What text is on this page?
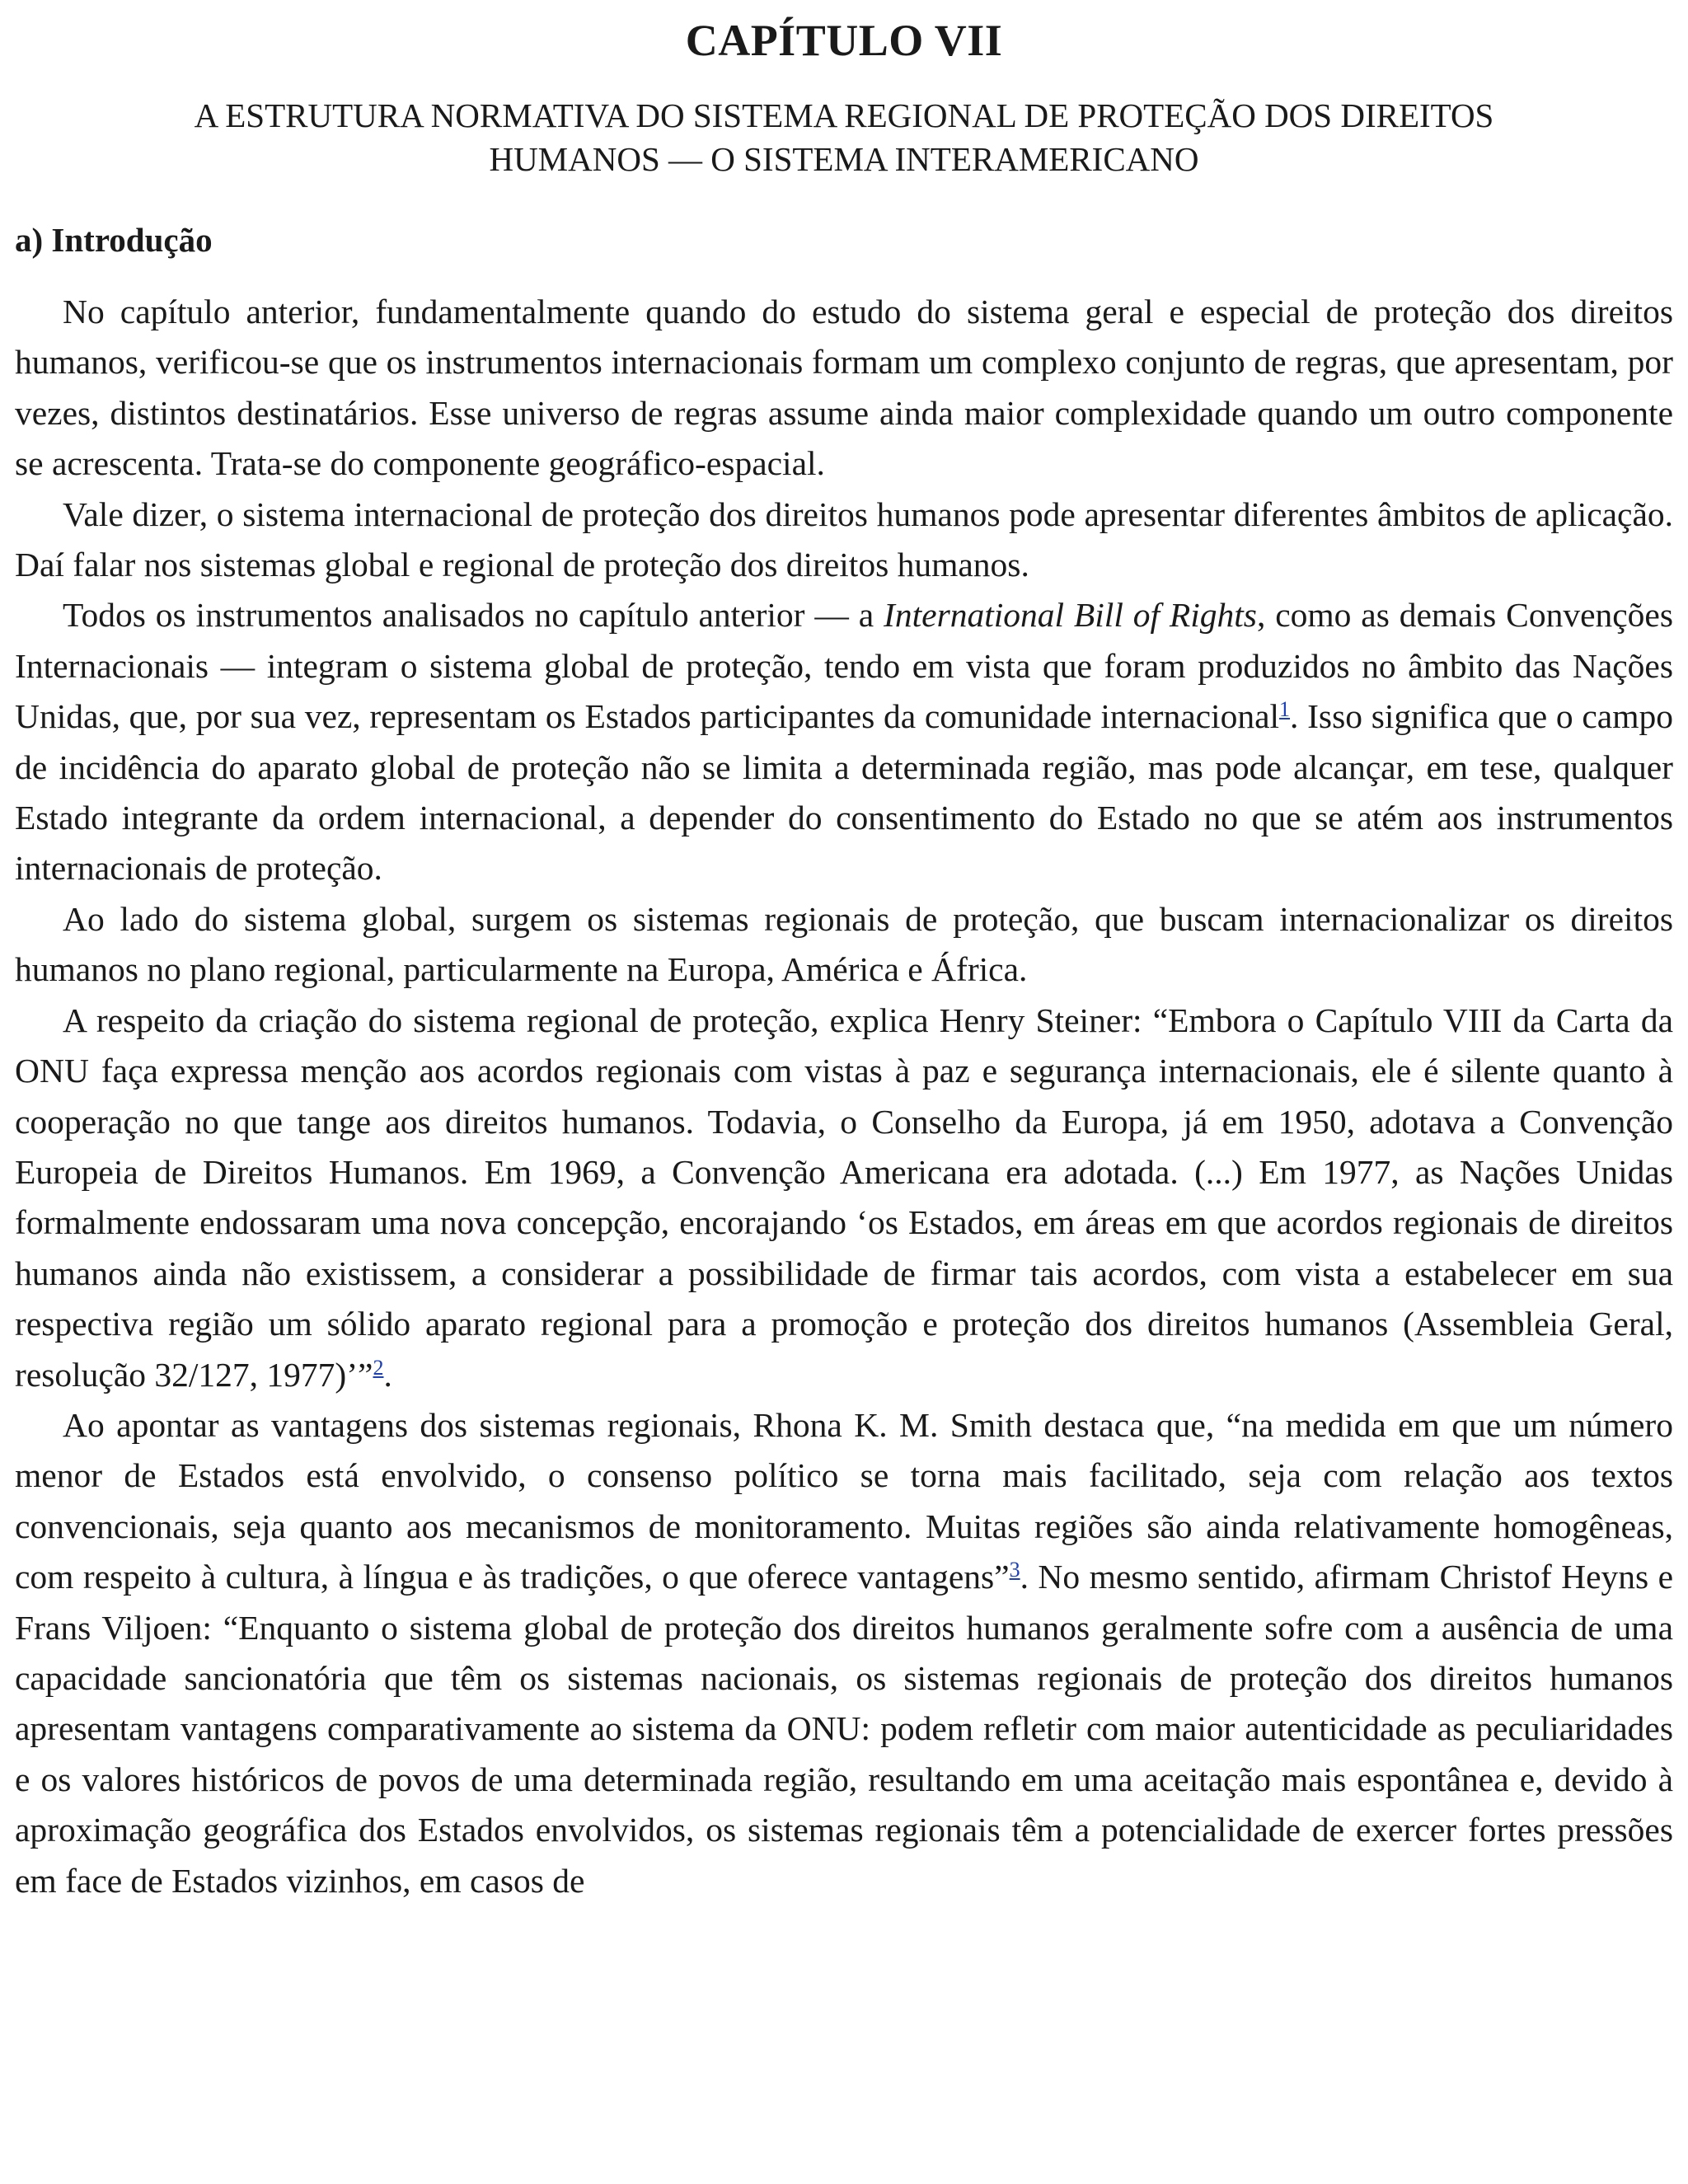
CAPÍTULO VII
A ESTRUTURA NORMATIVA DO SISTEMA REGIONAL DE PROTEÇÃO DOS DIREITOS
HUMANOS — O SISTEMA INTERAMERICANO
a) Introdução

No capítulo anterior, fundamentalmente quando do estudo do sistema geral e especial de proteção dos direitos humanos, verificou-se que os instrumentos internacionais formam um complexo conjunto de regras, que apresentam, por vezes, distintos destinatários. Esse universo de regras assume ainda maior complexidade quando um outro componente se acrescenta. Trata-se do componente geográfico-espacial.

Vale dizer, o sistema internacional de proteção dos direitos humanos pode apresentar diferentes âmbitos de aplicação. Daí falar nos sistemas global e regional de proteção dos direitos humanos.

Todos os instrumentos analisados no capítulo anterior — a International Bill of Rights, como as demais Convenções Internacionais — integram o sistema global de proteção, tendo em vista que foram produzidos no âmbito das Nações Unidas, que, por sua vez, representam os Estados participantes da comunidade internacional$^1$. Isso significa que o campo de incidência do aparato global de proteção não se limita a determinada região, mas pode alcançar, em tese, qualquer Estado integrante da ordem internacional, a depender do consentimento do Estado no que se atém aos instrumentos internacionais de proteção.

Ao lado do sistema global, surgem os sistemas regionais de proteção, que buscam internacionalizar os direitos humanos no plano regional, particularmente na Europa, América e África.

A respeito da criação do sistema regional de proteção, explica Henry Steiner: “Embora o Capítulo VIII da Carta da ONU faça expressa menção aos acordos regionais com vistas à paz e segurança internacionais, ele é silente quanto à cooperação no que tange aos direitos humanos. Todavia, o Conselho da Europa, já em 1950, adotava a Convenção Europeia de Direitos Humanos. Em 1969, a Convenção Americana era adotada. (...) Em 1977, as Nações Unidas formalmente endossaram uma nova concepção, encorajando ‘os Estados, em áreas em que acordos regionais de direitos humanos ainda não existissem, a considerar a possibilidade de firmar tais acordos, com vista a estabelecer em sua respectiva região um sólido aparato regional para a promoção e proteção dos direitos humanos (Assembleia Geral, resolução 32/127, 1977)’”$^2$.

Ao apontar as vantagens dos sistemas regionais, Rhona K. M. Smith destaca que, “na medida em que um número menor de Estados está envolvido, o consenso político se torna mais facilitado, seja com relação aos textos convencionais, seja quanto aos mecanismos de monitoramento. Muitas regiões são ainda relativamente homogêneas, com respeito à cultura, à língua e às tradições, o que oferece vantagens”$^3$. No mesmo sentido, afirmam Christof Heyns e Frans Viljoen: “Enquanto o sistema global de proteção dos direitos humanos geralmente sofre com a ausência de uma capacidade sancionatória que têm os sistemas nacionais, os sistemas regionais de proteção dos direitos humanos apresentam vantagens comparativamente ao sistema da ONU: podem refletir com maior autenticidade as peculiaridades e os valores históricos de povos de uma determinada região, resultando em uma aceitação mais espontânea e, devido à aproximação geográfica dos Estados envolvidos, os sistemas regionais têm a potencialidade de exercer fortes pressões em face de Estados vizinhos, em casos de
